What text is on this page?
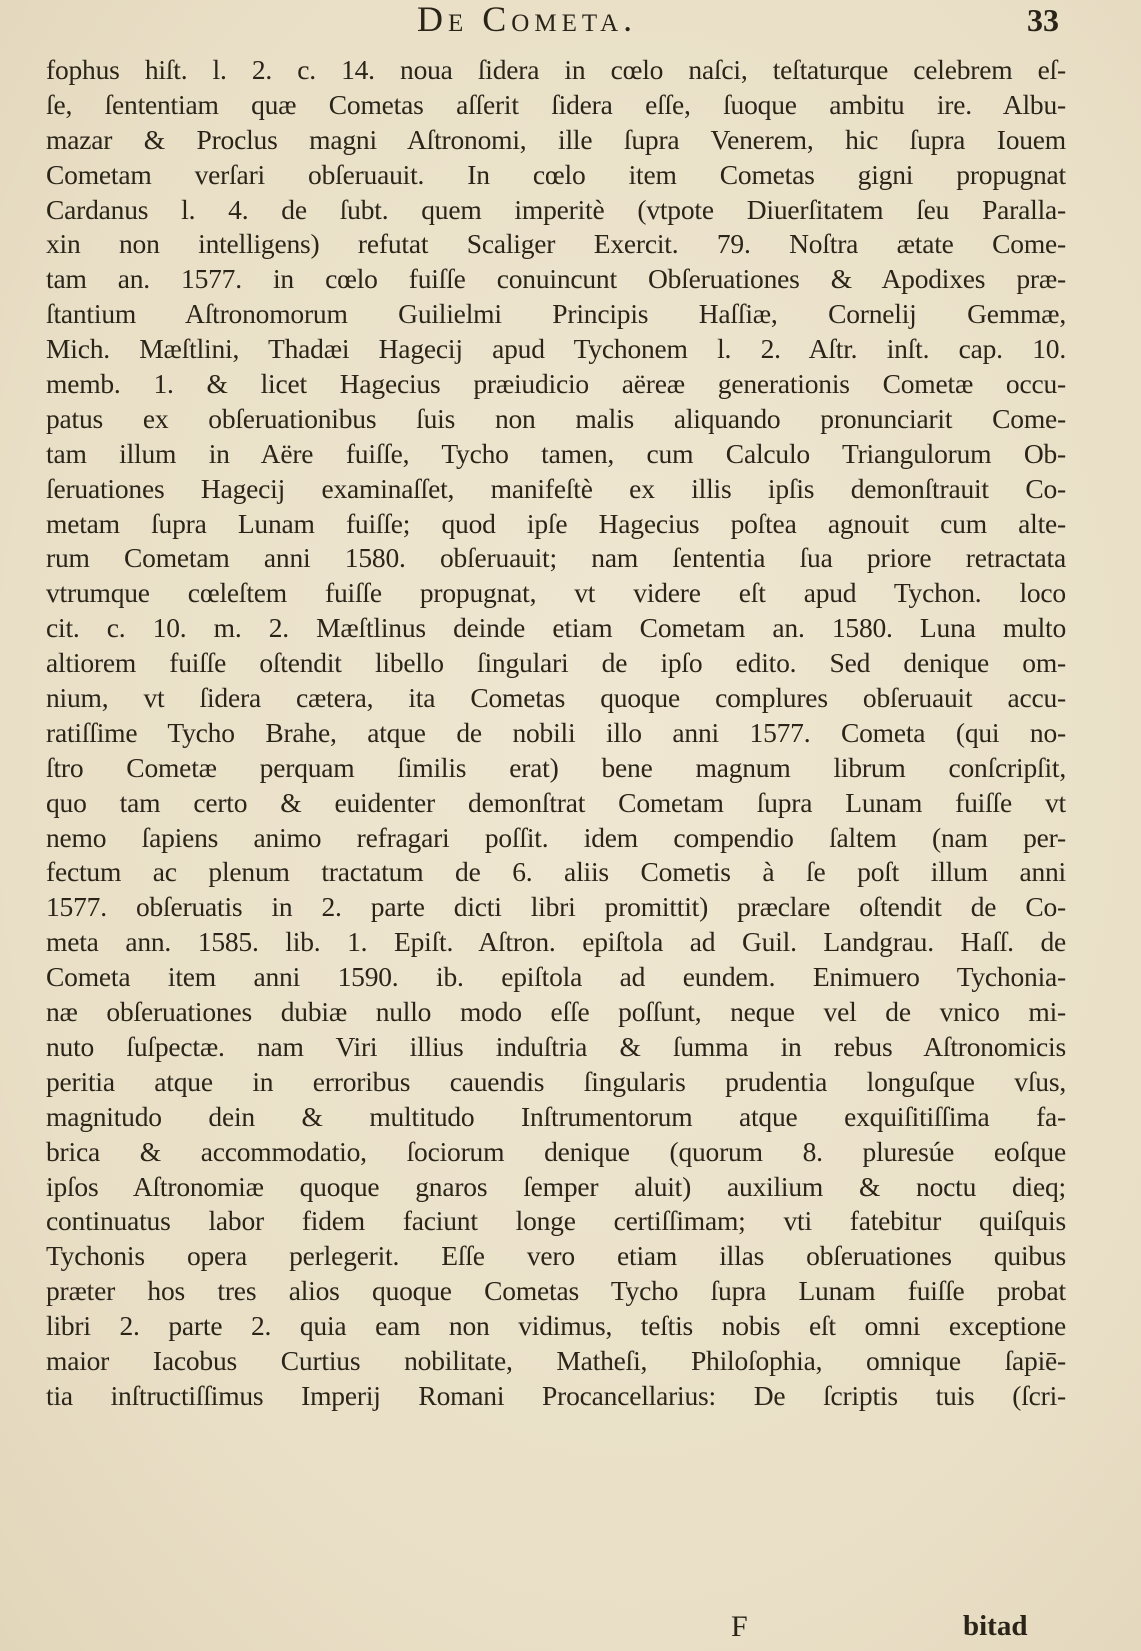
De Cometa.	33
fophus hiſt. l. 2. c. 14. noua ſidera in cœlo naſci, teſtaturque celebrem eſ-
ſe, ſententiam quæ Cometas aſſerit ſidera eſſe, ſuoque ambitu ire. Albu-
mazar & Proclus magni Aſtronomi, ille ſupra Venerem, hic ſupra Iouem
Cometam verſari obſeruauit. In cœlo item Cometas gigni propugnat
Cardanus l. 4. de ſubt. quem imperitè (vtpote Diuerſitatem ſeu Paralla-
xin non intelligens) refutat Scaliger Exercit. 79. Noſtra ætate Come-
tam an. 1577. in cœlo fuiſſe conuincunt Obſeruationes & Apodixes præ-
ſtantium Aſtronomorum Guilielmi Principis Haſſiæ, Cornelij Gemmæ,
Mich. Mæſtlini, Thadæi Hagecij apud Tychonem l. 2. Aſtr. inſt. cap. 10.
memb. 1. & licet Hagecius præiudicio aëreæ generationis Cometæ occu-
patus ex obſeruationibus ſuis non malis aliquando pronunciarit Come-
tam illum in Aëre fuiſſe, Tycho tamen, cum Calculo Triangulorum Ob-
ſeruationes Hagecij examinaſſet, manifeſtè ex illis ipſis demonſtrauit Co-
metam ſupra Lunam fuiſſe; quod ipſe Hagecius poſtea agnouit cum alte-
rum Cometam anni 1580. obſeruauit; nam ſententia ſua priore retractata
vtrumque cœleſtem fuiſſe propugnat, vt videre eſt apud Tychon. loco
cit. c. 10. m. 2. Mæſtlinus deinde etiam Cometam an. 1580. Luna multo
altiorem fuiſſe oſtendit libello ſingulari de ipſo edito. Sed denique om-
nium, vt ſidera cætera, ita Cometas quoque complures obſeruauit accu-
ratiſſime Tycho Brahe, atque de nobili illo anni 1577. Cometa (qui no-
ſtro Cometæ perquam ſimilis erat) bene magnum librum conſcripſit,
quo tam certo & euidenter demonſtrat Cometam ſupra Lunam fuiſſe vt
nemo ſapiens animo refragari poſſit. idem compendio ſaltem (nam per-
fectum ac plenum tractatum de 6. aliis Cometis à ſe poſt illum anni
1577. obſeruatis in 2. parte dicti libri promittit) præclare oſtendit de Co-
meta ann. 1585. lib. 1. Epiſt. Aſtron. epiſtola ad Guil. Landgrau. Haſſ. de
Cometa item anni 1590. ib. epiſtola ad eundem. Enimuero Tychonia-
næ obſeruationes dubiæ nullo modo eſſe poſſunt, neque vel de vnico mi-
nuto ſuſpectæ. nam Viri illius induſtria & ſumma in rebus Aſtronomicis
peritia atque in erroribus cauendis ſingularis prudentia longuſque vſus,
magnitudo dein & multitudo Inſtrumentorum atque exquiſitiſſima fa-
brica & accommodatio, ſociorum denique (quorum 8. pluresúe eoſque
ipſos Aſtronomiæ quoque gnaros ſemper aluit) auxilium & noctu dieq;
continuatus labor fidem faciunt longe certiſſimam; vti fatebitur quiſquis
Tychonis opera perlegerit. Eſſe vero etiam illas obſeruationes quibus
præter hos tres alios quoque Cometas Tycho ſupra Lunam fuiſſe probat
libri 2. parte 2. quia eam non vidimus, teſtis nobis eſt omni exceptione
maior Iacobus Curtius nobilitate, Matheſi, Philoſophia, omnique ſapiē-
tia inſtructiſſimus Imperij Romani Procancellarius: De ſcriptis tuis (ſcri-
F	bitad
